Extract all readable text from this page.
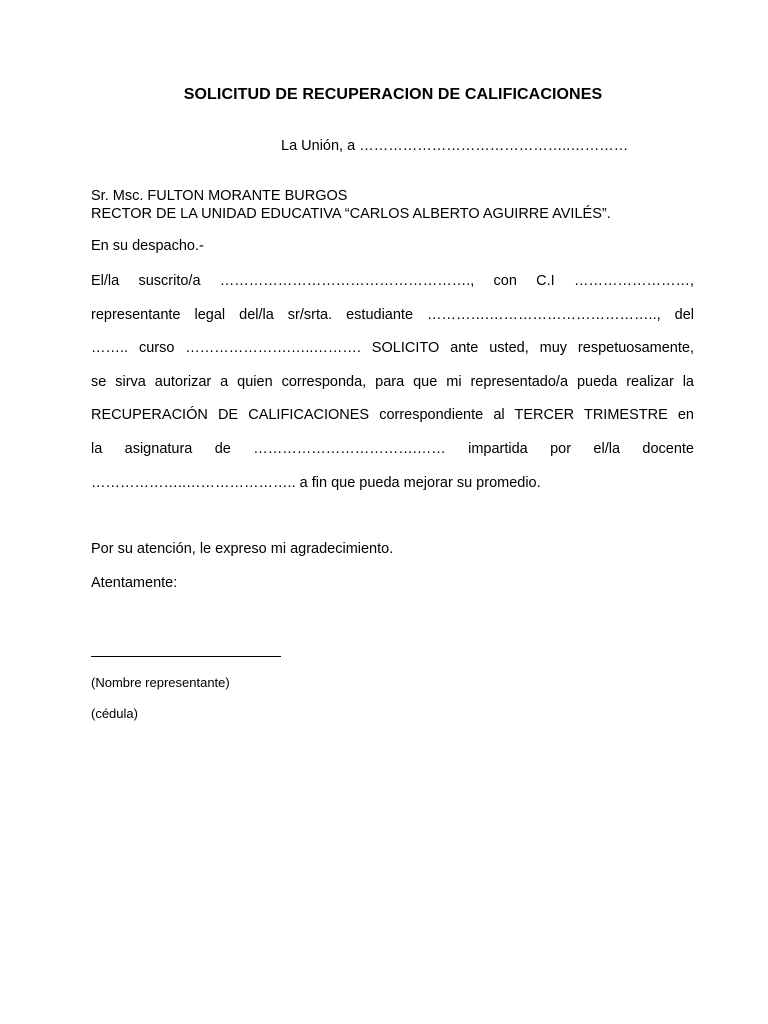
SOLICITUD DE RECUPERACION DE CALIFICACIONES
La Unión, a ……………………………………..…………
Sr. Msc. FULTON MORANTE BURGOS
RECTOR DE LA UNIDAD EDUCATIVA “CARLOS ALBERTO AGUIRRE AVILÉS”.
En su despacho.-
El/la suscrito/a ……………………………………………., con C.I ……………………,
representante legal del/la sr/srta. estudiante ………….…………………………….., del
…….. curso ………………….…..………. SOLICITO ante usted, muy respetuosamente,
se sirva autorizar a quien corresponda, para que mi representado/a pueda realizar la
RECUPERACIÓN DE CALIFICACIONES correspondiente al TERCER TRIMESTRE en
la asignatura de …………………………….…… impartida por el/la docente
………………..………………….. a fin que pueda mejorar su promedio.
Por su atención, le expreso mi agradecimiento.
Atentamente:
(Nombre representante)
(cédula)
